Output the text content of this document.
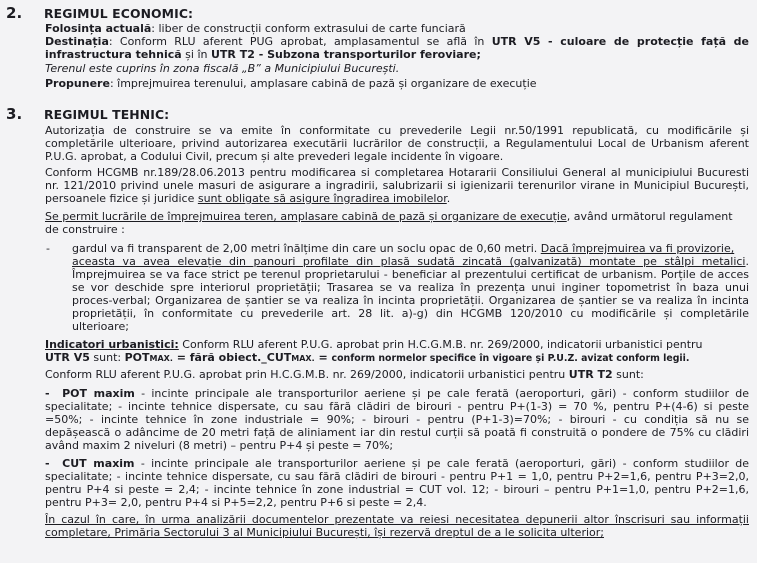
2. REGIMUL ECONOMIC:
Folosința actuală: liber de construcții conform extrasului de carte funciară
Destinația: Conform RLU aferent PUG aprobat, amplasamentul se află în UTR V5 - culoare de protecție față de
infrastructura tehnică și în UTR T2 - Subzona transporturilor feroviare;
Terenul este cuprins în zona fiscală „B” a Municipiului București.
Propunere: împrejmuirea terenului, amplasare cabină de pază și organizare de execuție
3. REGIMUL TEHNIC:
Autorizația de construire se va emite în conformitate cu prevederile Legii nr.50/1991 republicată, cu modificările și
completările ulterioare, privind autorizarea executării lucrărilor de construcții, a Regulamentului Local de Urbanism aferent
P.U.G. aprobat, a Codului Civil, precum și alte prevederi legale incidente în vigoare.
Conform HCGMB nr.189/28.06.2013 pentru modificarea si completarea Hotararii Consiliului General al municipiului Bucuresti
nr. 121/2010 privind unele masuri de asigurare a ingradirii, salubrizarii si igienizarii terenurilor virane in Municipiul București,
persoanele fizice și juridice sunt obligate să asigure îngradirea imobilelor.
Se permit lucrările de împrejmuirea teren, amplasare cabină de pază și organizare de execuție, având următorul regulament
de construire :
- gardul va fi transparent de 2,00 metri înălțime din care un soclu opac de 0,60 metri. Dacă împrejmuirea va fi provizorie,
aceasta va avea elevație din panouri profilate din plasă sudată zincată (galvanizată) montate pe stâlpi metalici.
Împrejmuirea se va face strict pe terenul proprietarului - beneficiar al prezentului certificat de urbanism. Porțile de acces
se vor deschide spre interiorul proprietății; Trasarea se va realiza în prezența unui inginer topometrist în baza unui
proces-verbal; Organizarea de șantier se va realiza în incinta proprietății. Organizarea de șantier se va realiza în incinta
proprietății, în conformitate cu prevederile art. 28 lit. a)-g) din HCGMB 120/2010 cu modificările și completările
ulterioare;
Indicatori urbanistici: Conform RLU aferent P.U.G. aprobat prin H.C.G.M.B. nr. 269/2000, indicatorii urbanistici pentru
UTR V5 sunt: POTMAX. = fără obiect._CUTMAX. = conform normelor specifice în vigoare și P.U.Z. avizat conform legii.
Conform RLU aferent P.U.G. aprobat prin H.C.G.M.B. nr. 269/2000, indicatorii urbanistici pentru UTR T2 sunt:
- POT maxim - incinte principale ale transporturilor aeriene și pe cale ferată (aeroporturi, gări) - conform studiilor de
specialitate; - incinte tehnice dispersate, cu sau fără clădiri de birouri - pentru P+(1-3) = 70 %, pentru P+(4-6) si peste
=50%; - incinte tehnice în zone industriale = 90%; - birouri - pentru (P+1-3)=70%; - birouri - cu condiția să nu se
depășească o adâncime de 20 metri față de aliniament iar din restul curții să poată fi construită o pondere de 75% cu clădiri
având maxim 2 niveluri (8 metri) – pentru P+4 și peste = 70%;
- CUT maxim - incinte principale ale transporturilor aeriene și pe cale ferată (aeroporturi, gări) - conform studiilor de
specialitate; - incinte tehnice dispersate, cu sau fără clădiri de birouri - pentru P+1 = 1,0, pentru P+2=1,6, pentru P+3=2,0,
pentru P+4 si peste = 2,4; - incinte tehnice în zone industrial = CUT vol. 12; - birouri – pentru P+1=1,0, pentru P+2=1,6,
pentru P+3= 2,0, pentru P+4 si P+5=2,2, pentru P+6 si peste = 2,4.
În cazul în care, în urma analizării documentelor prezentate va reiesi necesitatea depunerii altor înscrisuri sau informații
completare, Primăria Sectorului 3 al Municipiului București, își rezervă dreptul de a le solicita ulterior;
